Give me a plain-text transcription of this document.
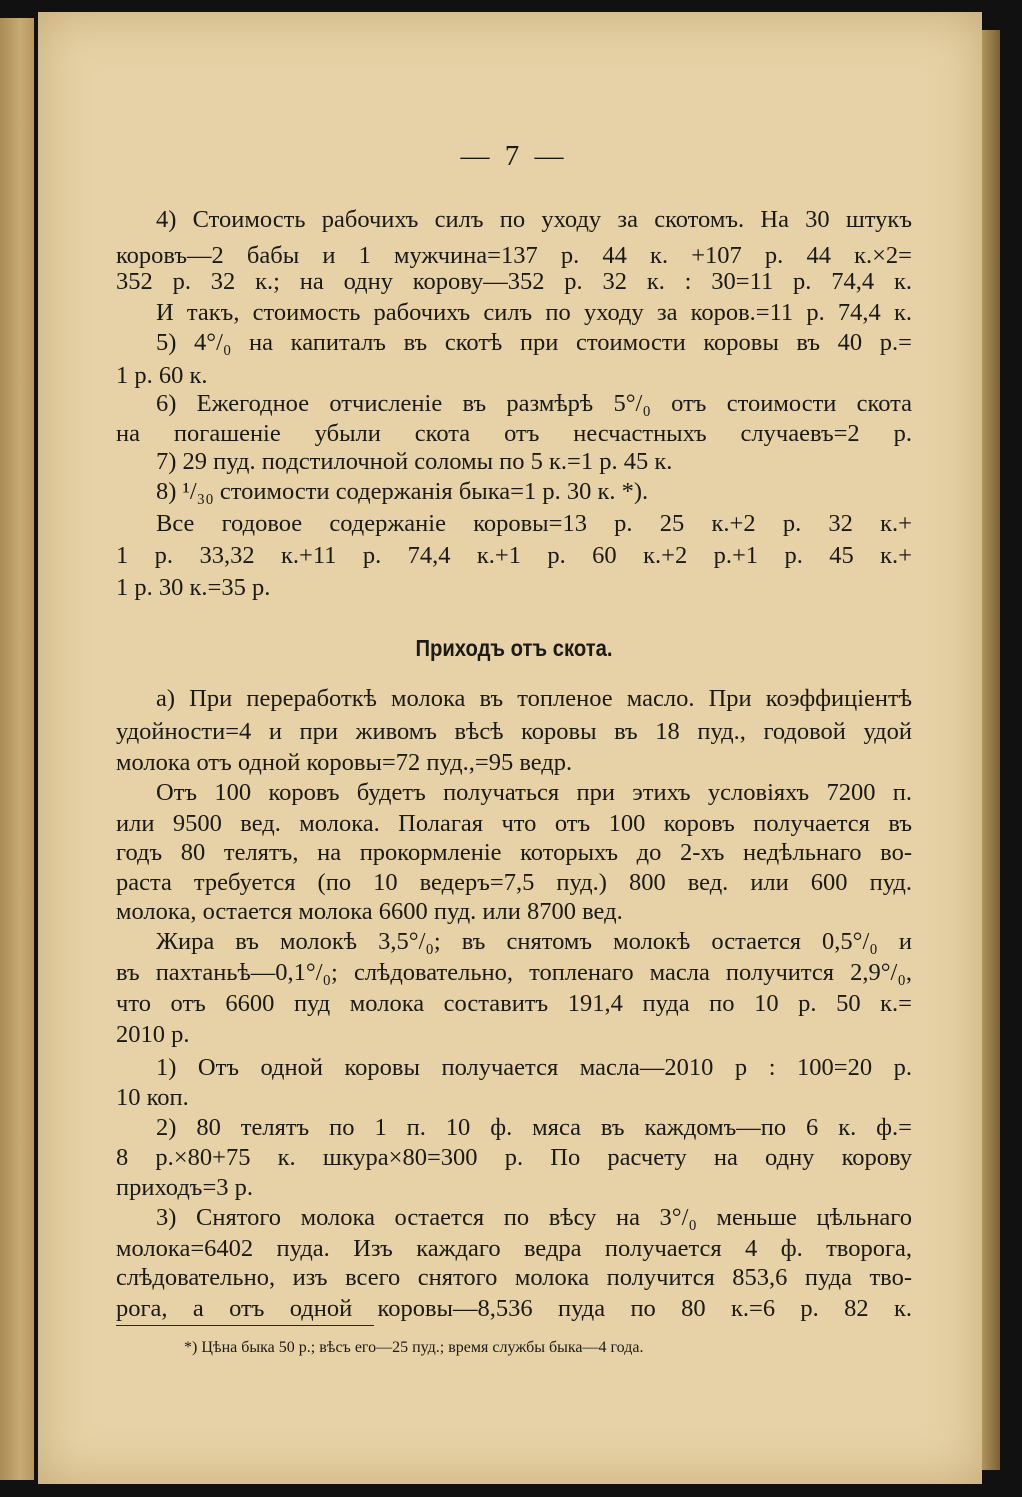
— 7 —
4) Стоимость рабочихъ силъ по уходу за скотомъ. На 30 штукъ
коровъ—2 бабы и 1 мужчина=137 р. 44 к. +107 р. 44 к.×2=
352 р. 32 к.; на одну корову—352 р. 32 к. : 30=11 р. 74,4 к.
И такъ, стоимость рабочихъ силъ по уходу за коров.=11 р. 74,4 к.
5) 4°/₀ на капиталъ въ скотѣ при стоимости коровы въ 40 р.=
1 р. 60 к.
6) Ежегодное отчисленіе въ размѣрѣ 5°/₀ отъ стоимости скота
на погашеніе убыли скота отъ несчастныхъ случаевъ=2 р.
7) 29 пуд. подстилочной соломы по 5 к.=1 р. 45 к.
8) ¹/₃₀ стоимости содержанія быка=1 р. 30 к. *).
Все годовое содержаніе коровы=13 р. 25 к.+2 р. 32 к.+
1 р. 33,32 к.+11 р. 74,4 к.+1 р. 60 к.+2 р.+1 р. 45 к.+
1 р. 30 к.=35 р.
Приходъ отъ скота.
а) При переработкѣ молока въ топленое масло. При коэффиціентѣ
удойности=4 и при живомъ вѣсѣ коровы въ 18 пуд., годовой удой
молока отъ одной коровы=72 пуд.,=95 ведр.
Отъ 100 коровъ будетъ получаться при этихъ условіяхъ 7200 п.
или 9500 вед. молока. Полагая что отъ 100 коровъ получается въ
годъ 80 телятъ, на прокормленіе которыхъ до 2-хъ недѣльнаго во-
раста требуется (по 10 ведеръ=7,5 пуд.) 800 вед. или 600 пуд.
молока, остается молока 6600 пуд. или 8700 вед.
Жира въ молокѣ 3,5°/₀; въ снятомъ молокѣ остается 0,5°/₀ и
въ пахтаньѣ—0,1°/₀; слѣдовательно, топленаго масла получится 2,9°/₀,
что отъ 6600 пуд молока составитъ 191,4 пуда по 10 р. 50 к.=
2010 р.
1) Отъ одной коровы получается масла—2010 р : 100=20 р.
10 коп.
2) 80 телятъ по 1 п. 10 ф. мяса въ каждомъ—по 6 к. ф.=
8 р.×80+75 к. шкура×80=300 р. По расчету на одну корову
приходъ=3 р.
3) Снятого молока остается по вѣсу на 3°/₀ меньше цѣльнаго
молока=6402 пуда. Изъ каждаго ведра получается 4 ф. творога,
слѣдовательно, изъ всего снятого молока получится 853,6 пуда тво-
рога, а отъ одной коровы—8,536 пуда по 80 к.=6 р. 82 к.
*) Цѣна быка 50 р.; вѣсъ его—25 пуд.; время службы быка—4 года.
